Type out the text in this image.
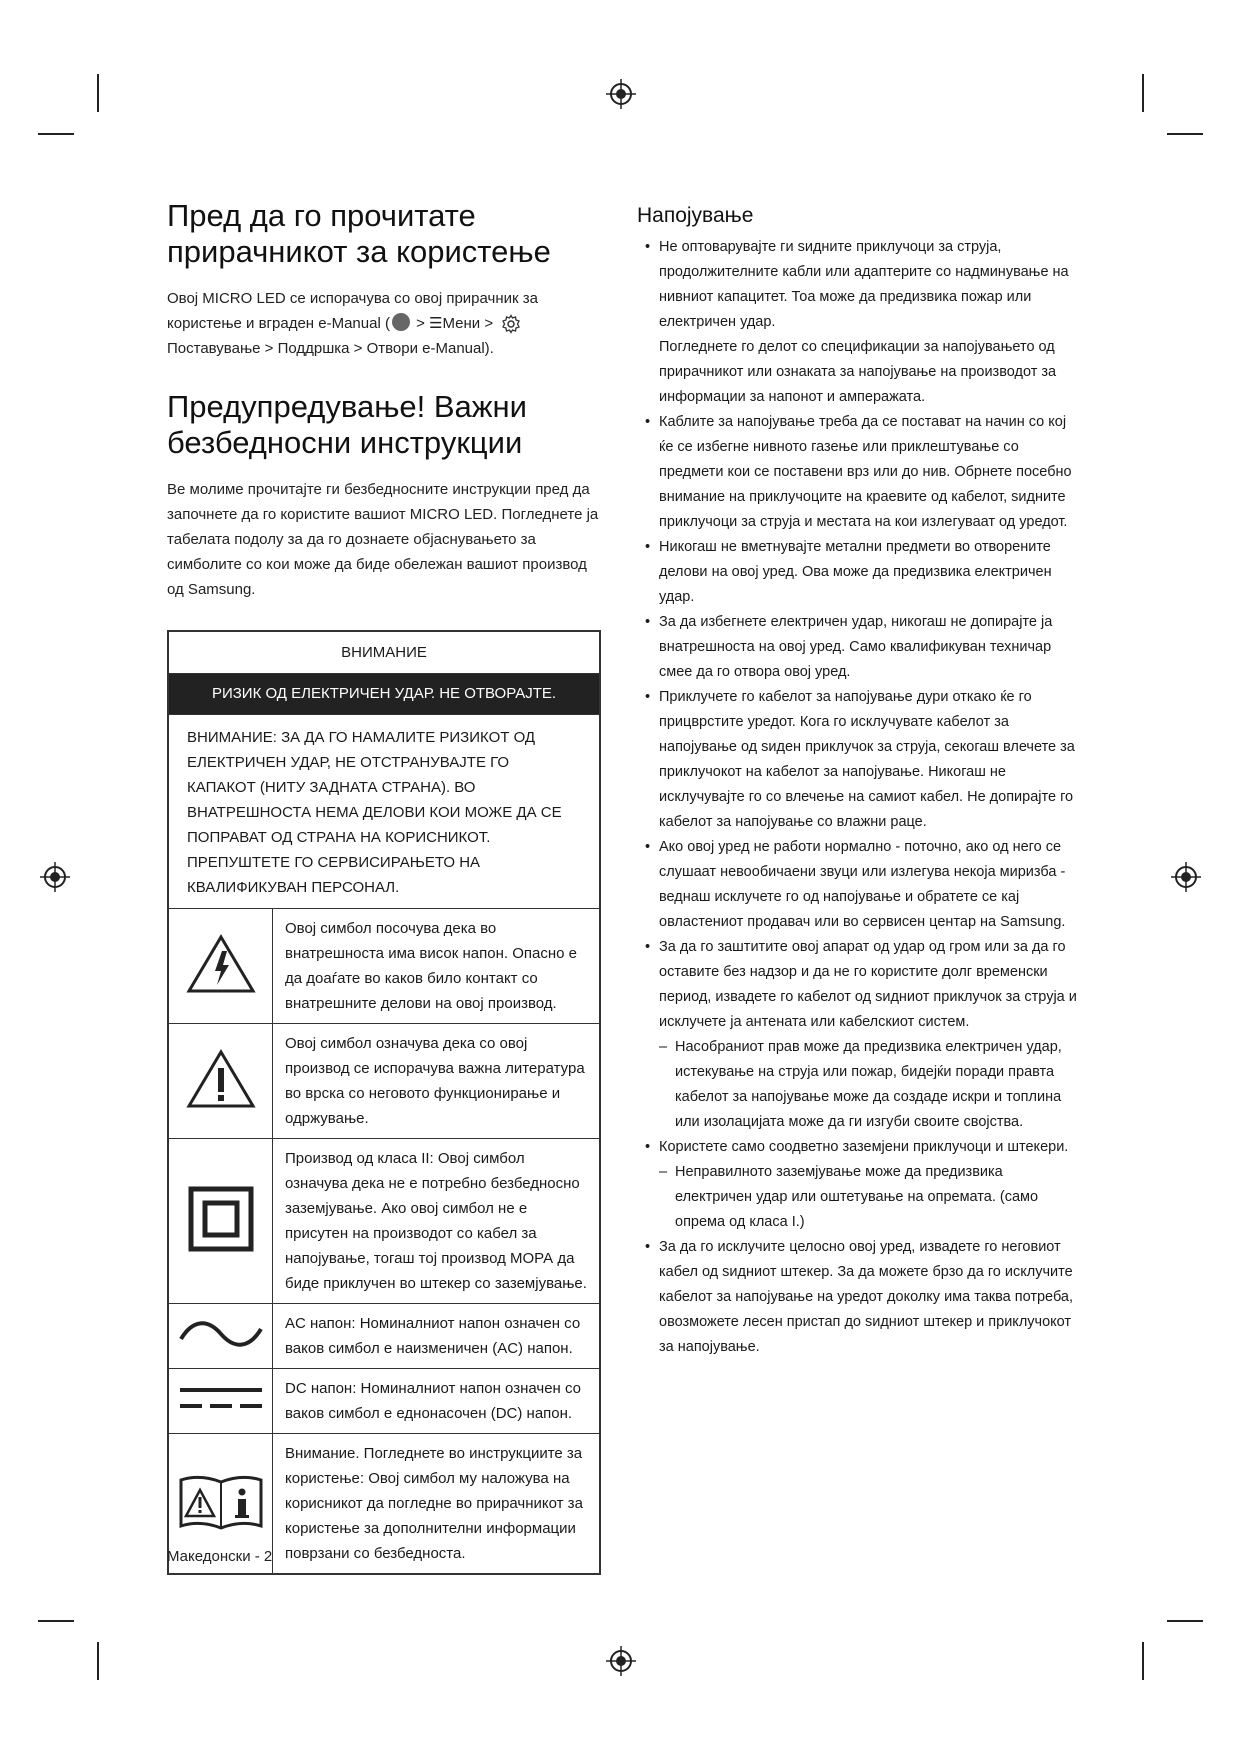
Пред да го прочитате прирачникот за користење

Овој MICRO LED се испорачува со овој прирачник за користење и вграден e-Manual ( > ☰Мени >
Поставување > Поддршка > Отвори e-Manual).

Предупредување! Важни безбедносни инструкции

Ве молиме прочитајте ги безбедносните инструкции пред да започнете да го користите вашиот MICRO LED. Погледнете ја табелата подолу за да го дознаете објаснувањето за симболите со кои може да биде обележан вашиот производ од Samsung.

ВНИМАНИЕ	
РИЗИК ОД ЕЛЕКТРИЧЕН УДАР. НЕ ОТВОРАЈТЕ.	
ВНИМАНИЕ: ЗА ДА ГО НАМАЛИТЕ РИЗИКОТ ОД ЕЛЕКТРИЧЕН УДАР, НЕ ОТСТРАНУВАЈТЕ ГО КАПАКОТ (НИТУ ЗАДНАТА СТРАНА). ВО ВНАТРЕШНОСТА НЕМА ДЕЛОВИ КОИ МОЖЕ ДА СЕ ПОПРАВАТ ОД СТРАНА НА КОРИСНИКОТ. ПРЕПУШТЕТЕ ГО СЕРВИСИРАЊЕТО НА КВАЛИФИКУВАН ПЕРСОНАЛ.	
	Овој симбол посочува дека во внатрешноста има висок напон. Опасно е да доаѓате во каков било контакт со внатрешните делови на овој производ.
	Овој симбол означува дека со овој производ се испорачува важна литература во врска со неговото функционирање и одржување.
	Производ од класа II: Овој симбол означува дека не е потребно безбедносно заземјување. Ако овој симбол не е присутен на производот со кабел за напојување, тогаш тој производ МОРА да биде приклучен во штекер со заземјување.
	AC напон: Номиналниот напон означен со ваков симбол е наизменичен (AC) напон.
	DC напон: Номиналниот напон означен со ваков симбол е еднонасочен (DC) напон.
	Внимание. Погледнете во инструкциите за користење: Овој симбол му наложува на корисникот да погледне во прирачникот за користење за дополнителни информации поврзани со безбедноста.
Напојување
• Не оптоварувајте ги ѕидните приклучоци за струја, продолжителните кабли или адаптерите со надминување на нивниот капацитет. Тоа може да предизвика пожар или електричен удар.
Погледнете го делот со спецификации за напојувањето од прирачникот или ознаката за напојување на производот за информации за напонот и амперажата.
• Каблите за напојување треба да се постават на начин со кој ќе се избегне нивното газење или приклештување со предмети кои се поставени врз или до нив. Обрнете посебно внимание на приклучоците на краевите од кабелот, ѕидните приклучоци за струја и местата на кои излегуваат од уредот.
• Никогаш не вметнувајте метални предмети во отворените делови на овој уред. Ова може да предизвика електричен удар.
• За да избегнете електричен удар, никогаш не допирајте ја внатрешноста на овој уред. Само квалификуван техничар смее да го отвора овој уред.
• Приклучете го кабелот за напојување дури откако ќе го прицврстите уредот. Кога го исклучувате кабелот за напојување од ѕиден приклучок за струја, секогаш влечете за приклучокот на кабелот за напојување. Никогаш не исклучувајте го со влечење на самиот кабел. Не допирајте го кабелот за напојување со влажни раце.
• Ако овој уред не работи нормално - поточно, ако од него се слушаат невообичаени звуци или излегува некоја миризба - веднаш исклучете го од напојување и обратете се кај овластениот продавач или во сервисен центар на Samsung.
• За да го заштитите овој апарат од удар од гром или за да го оставите без надзор и да не го користите долг временски период, извадете го кабелот од ѕидниот приклучок за струја и исклучете ја антената или кабелскиот систем.
– Насобраниот прав може да предизвика електричен удар, истекување на струја или пожар, бидејќи поради правта кабелот за напојување може да создаде искри и топлина или изолацијата може да ги изгуби своите својства.
• Користете само соодветно заземјени приклучоци и штекери.
– Неправилното заземјување може да предизвика електричен удар или оштетување на опремата. (само опрема од класа I.)
• За да го исклучите целосно овој уред, извадете го неговиот кабел од ѕидниот штекер. За да можете брзо да го исклучите кабелот за напојување на уредот доколку има таква потреба, овозможете лесен пристап до ѕидниот штекер и приклучокот за напојување.
Македонски - 2
